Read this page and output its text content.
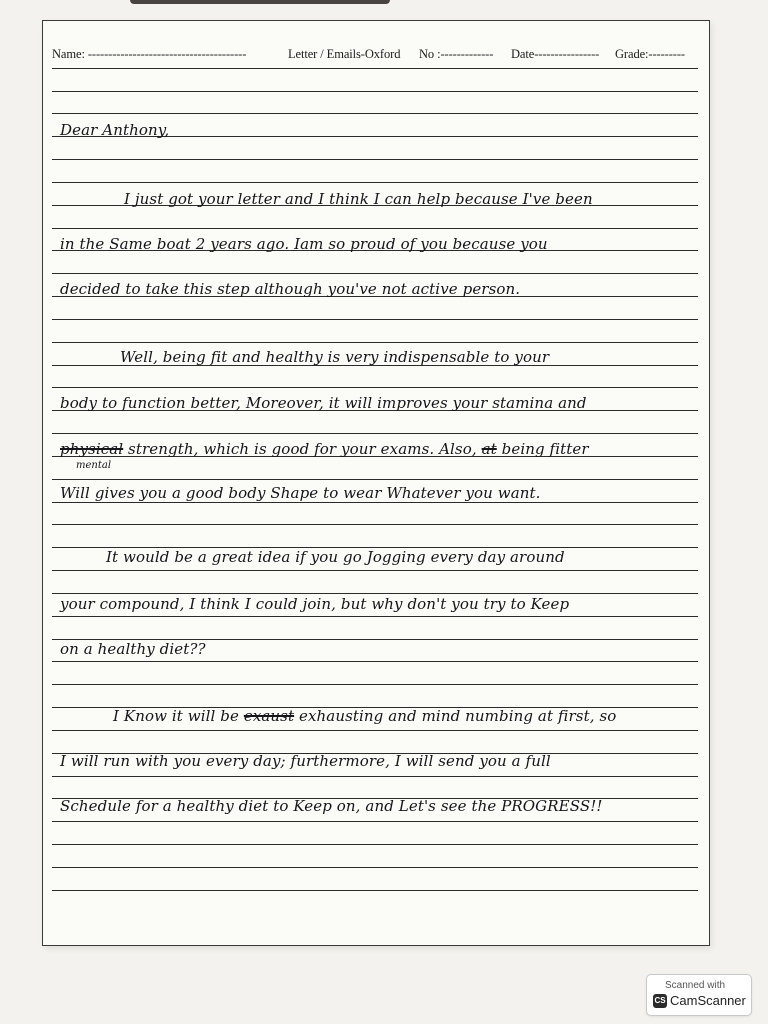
Name: ---------------------------------------	Letter / Emails-Oxford No :------------- Date---------------- Grade:---------
Dear Anthony,
I just got your letter and I think I can help because I've been
in the Same boat 2 years ago. Iam so proud of you because you
decided to take this step although you've not active person.
Well, being fit and healthy is very indispensable to your
body to function better, Moreover, it will improves your stamina and
physical strength, which is good for your exams. Also, at being fitter
mental
Will gives you a good body Shape to wear Whatever you want.
It would be a great idea if you go Jogging every day around
your compound, I think I could join, but why don't you try to Keep
on a healthy diet??
I Know it will be exaust exhausting and mind numbing at first, so
I will run with you every day; furthermore, I will send you a full
Schedule for a healthy diet to Keep on, and Let's see the PROGRESS!!
Scanned with
CS CamScanner
